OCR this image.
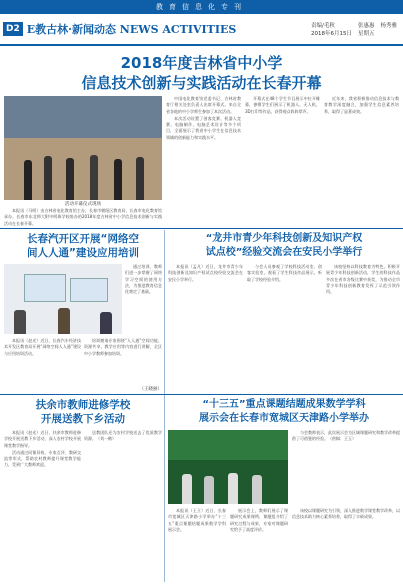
教育信息化专刊
D2 E教古林·新闻动态 NEWS ACTIVITIES	责编/毛秋	张惠惠 杨秀雅
2018年6月15日 星期五
2018年度吉林省中小学
信息技术创新与实践活动在长春开幕
活动开幕仪式现场

本报讯（马明）由吉林省电化教育馆主办，长春市朝阳区教育局、长春市电化教育馆承办，长春市东北师大附中明珠学校协办的2018年度吉林省中小学信息技术创新与实践活动在长春开幕。

中国电化教育馆党委书记、吉林省教育厅相关处室负责人出席开幕式。来自全省各地的中小学师生参加了本次活动。

本次活动设置了创客竞赛、机器人竞赛、电脑制作、电脑艺术设计等多个项目，全面展示了我省中小学生在信息技术领域的创新能力和实践水平。

开幕式在48个学生节目展示中拉开帷幕，参赛学生们展示了机器人、无人机、3D打印等作品，获得观众阵阵掌声。

近年来，我省积极推动信息技术与教育教学深度融合，加强学生信息素养培养，取得了显著成效。

长春汽开区开展“网络空
间人人通”建设应用培训

通过培训，教师们进一步掌握了网络学习空间的使用方法，为推进教育信息化奠定了基础。

本报讯（赵光）近日，长春汽车经济技术开发区教育局开展“网络空间人人通”建设与应用培训活动。

培训邀请专家围绕“人人通”空间功能、资源共享、教学应用等内容进行讲解，全区中小学教师参加培训。

（王晓丽）
扶余市教师进修学校
开展送教下乡活动

本报讯（赵光）近日，扶余市教师进修学校开展送教下乡活动，深入农村学校开展课堂教学指导。

活动通过同课异构、专家点评、教研交流等形式，帮助农村教师提升课堂教学能力，受到广大教师欢迎。

送教团队还为农村学校送去了优质教学资源。（刘一鹤）

“龙井市青少年科技创新及知识产权
试点校”经验交流会在安民小学举行

本报讯（孟凡）近日，龙井市青少年科技创新及知识产权试点校经验交流会在安民小学举行。

与会人员参观了学校科技活动室、创客实验室，观看了学生科技作品展示，听取了学校经验介绍。

该校坚持以科技教育为特色，积极开展青少年科技创新活动，学生的科技作品多次在省市各级比赛中获奖，为推动全市青少年科技创新教育发挥了示范引领作用。

“十三五”重点课题结题成果数学学科
展示会在长春市宽城区天津路小学举办

与会教师表示，此次展示会为区域课题研究和教学改革提供了可借鉴的经验。（供稿：王玉）

本报讯（王立）近日，长春市宽城区天津路小学举办“十三五”重点课题结题成果数学学科展示会。

展示会上，教师们展示了课题研究成果课例，课题组介绍了研究过程与成果，专家对课题研究给予了高度评价。

该校以课题研究为引领，深入推进数学课堂教学改革，以信息技术助力核心素养培养，取得了丰硕成果。
